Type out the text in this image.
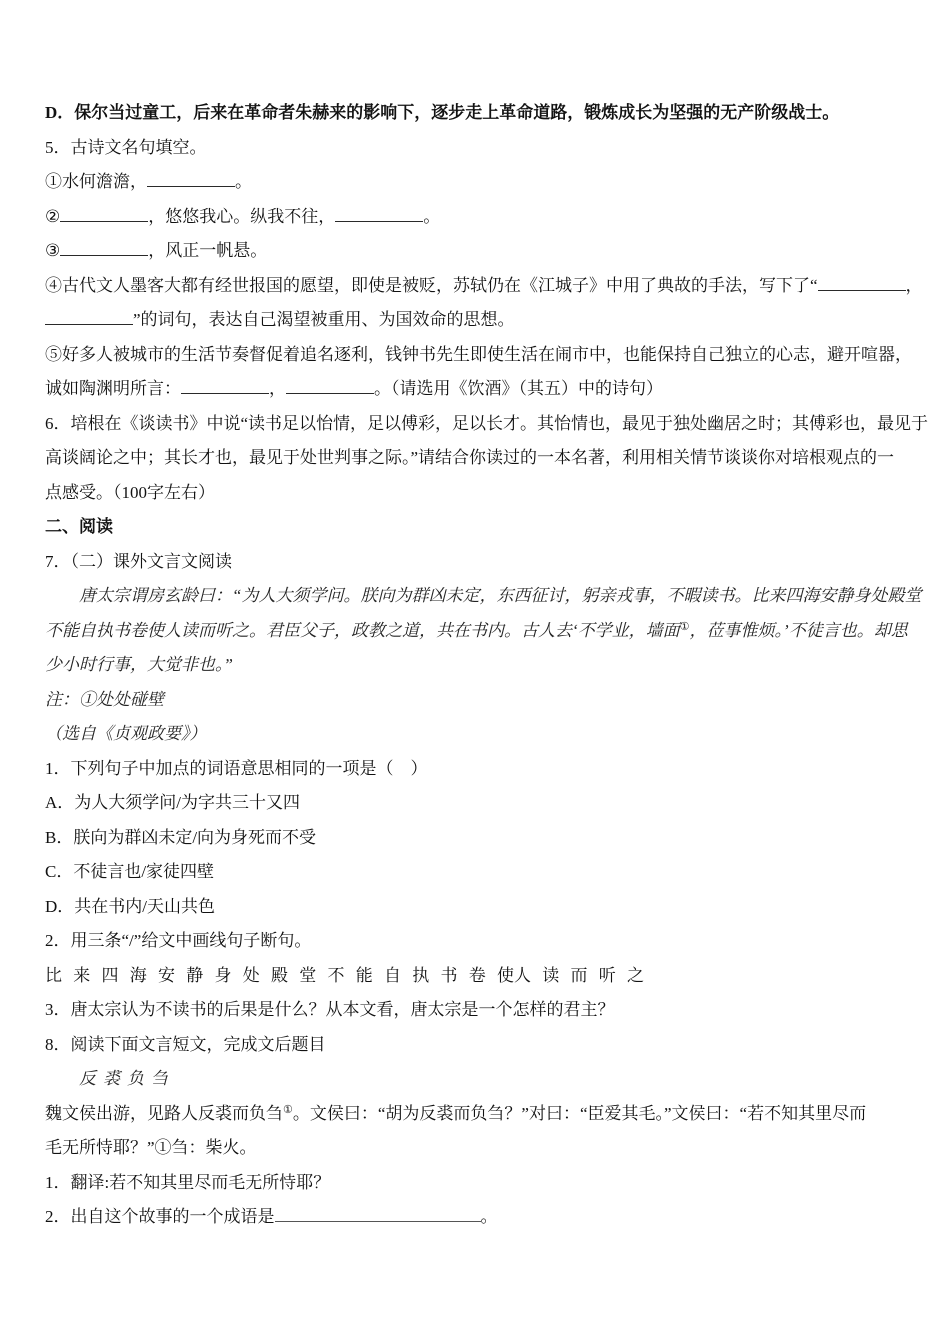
D．保尔当过童工，后来在革命者朱赫来的影响下，逐步走上革命道路，锻炼成长为坚强的无产阶级战士。
5．古诗文名句填空。
①水何澹澹，	。
②	，悠悠我心。纵我不往，	。
③	，风正一帆悬。
④古代文人墨客大都有经世报国的愿望，即使是被贬，苏轼仍在《江城子》中用了典故的手法，写下了“	，
”的词句，表达自己渴望被重用、为国效命的思想。
⑤好多人被城市的生活节奏督促着追名逐利，钱钟书先生即使生活在闹市中，也能保持自己独立的心志，避开喧器，
诚如陶渊明所言：	，	。（请选用《饮酒》（其五）中的诗句）
6．培根在《谈读书》中说“读书足以怡情，足以傅彩，足以长才。其怡情也，最见于独处幽居之时；其傅彩也，最见于
高谈阔论之中；其长才也，最见于处世判事之际。”请结合你读过的一本名著，利用相关情节谈谈你对培根观点的一
点感受。（100字左右）
二、阅读
7．（二）课外文言文阅读
唐太宗谓房玄龄曰：“为人大须学问。朕向为群凶未定，东西征讨，躬亲戎事，不暇读书。比来四海安静身处殿堂
不能自执书卷使人读而听之。君臣父子，政教之道，共在书内。古人去‘不学业，墙面①，莅事惟烦。’不徒言也。却思
少小时行事，大觉非也。”
注：①处处碰壁
（选自《贞观政要》）
1．下列句子中加点的词语意思相同的一项是（　）
A．为人大须学问/为字共三十又四
B．朕向为群凶未定/向为身死而不受
C．不徒言也/家徒四壁
D．共在书内/天山共色
2．用三条“/”给文中画线句子断句。
比 来 四 海 安 静 身 处 殿 堂 不 能 自 执 书 卷 使人 读 而 听 之
3．唐太宗认为不读书的后果是什么？从本文看，唐太宗是一个怎样的君主？
8．阅读下面文言短文，完成文后题目
反裘负刍
魏文侯出游，见路人反裘而负刍①。文侯曰：“胡为反裘而负刍？”对曰：“臣爱其毛。”文侯曰：“若不知其里尽而
毛无所恃耶？”①刍：柴火。
1．翻译:若不知其里尽而毛无所恃耶？
2．出自这个故事的一个成语是	。
